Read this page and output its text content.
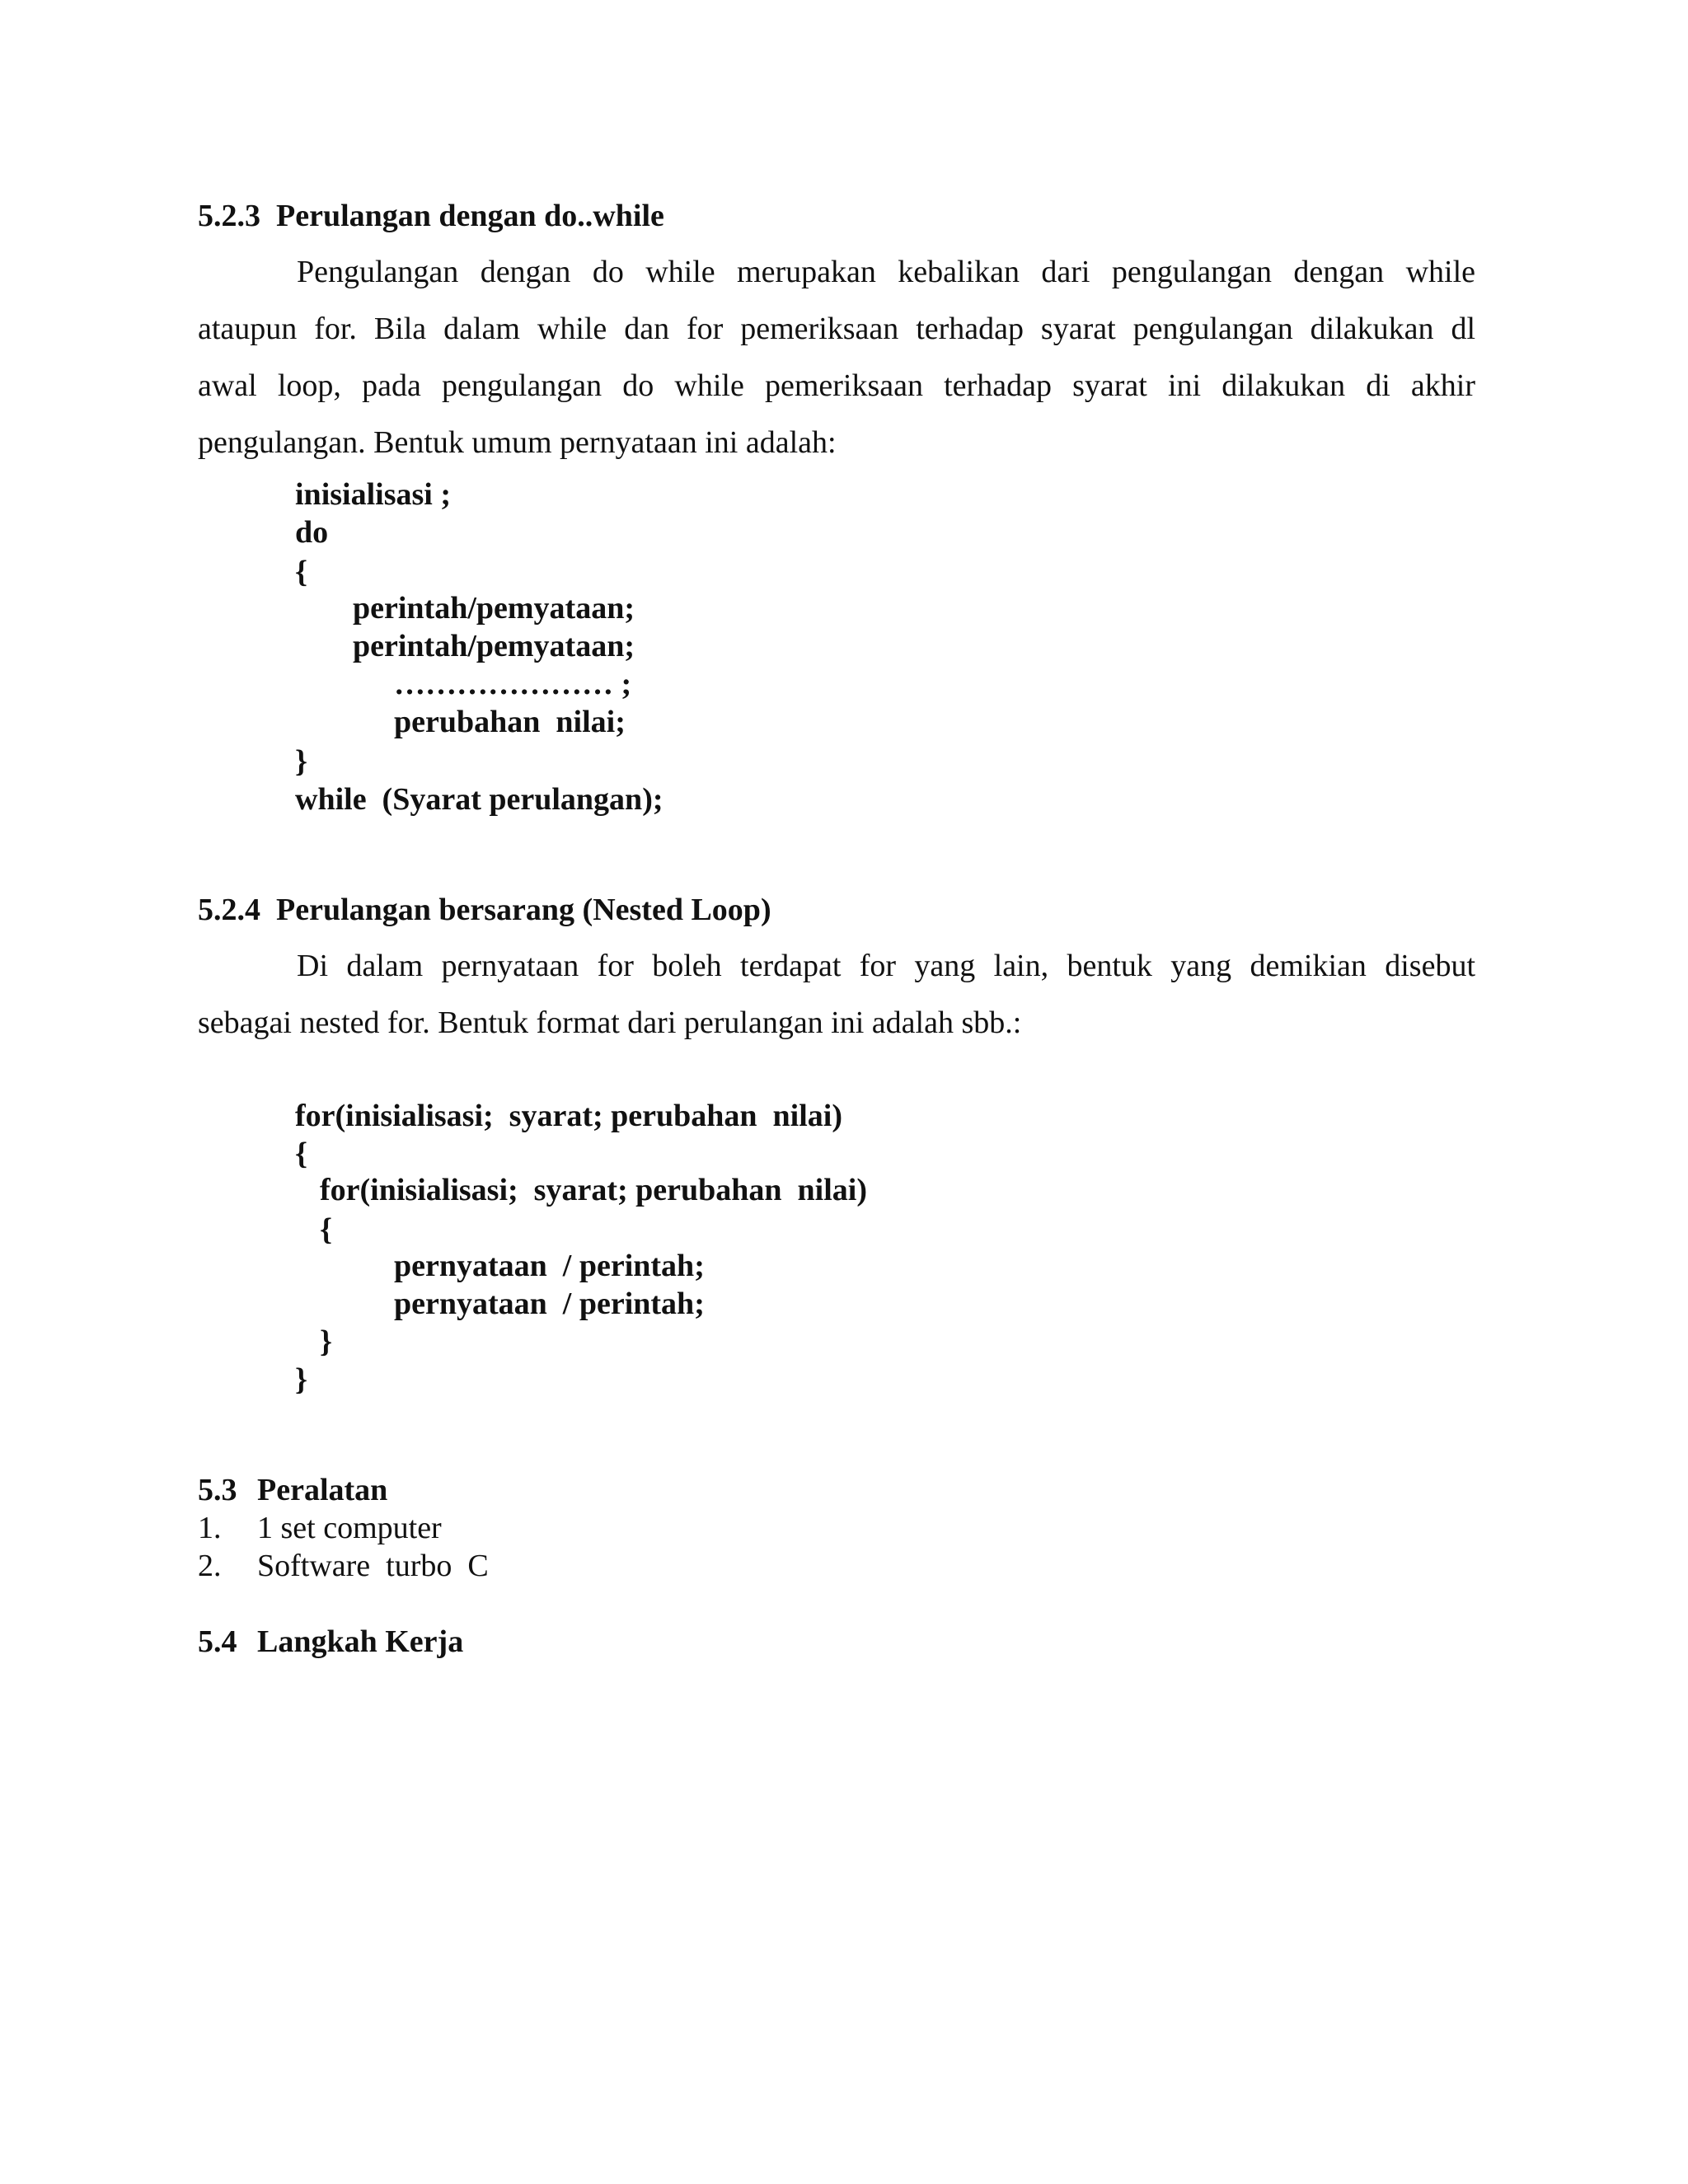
5.2.3 Perulangan dengan do..while
Pengulangan dengan do while merupakan kebalikan dari pengulangan dengan while
ataupun for. Bila dalam while dan for pemeriksaan terhadap syarat pengulangan dilakukan dl
awal loop, pada pengulangan do while pemeriksaan terhadap syarat ini dilakukan di akhir
pengulangan. Bentuk umum pernyataan ini adalah:
inisialisasi ;
do
{
perintah/pemyataan;
perintah/pemyataan;
………………… ;
perubahan  nilai;
}
while  (Syarat perulangan);
5.2.4 Perulangan bersarang (Nested Loop)
Di dalam pernyataan for boleh terdapat for yang lain, bentuk yang demikian disebut
sebagai nested for. Bentuk format dari perulangan ini adalah sbb.:
for(inisialisasi;  syarat; perubahan  nilai)
{
for(inisialisasi;  syarat; perubahan  nilai)
{
pernyataan  / perintah;
pernyataan  / perintah;
}
}
5.3 Peralatan
1. 1 set computer
2. Software  turbo  C
5.4 Langkah Kerja
